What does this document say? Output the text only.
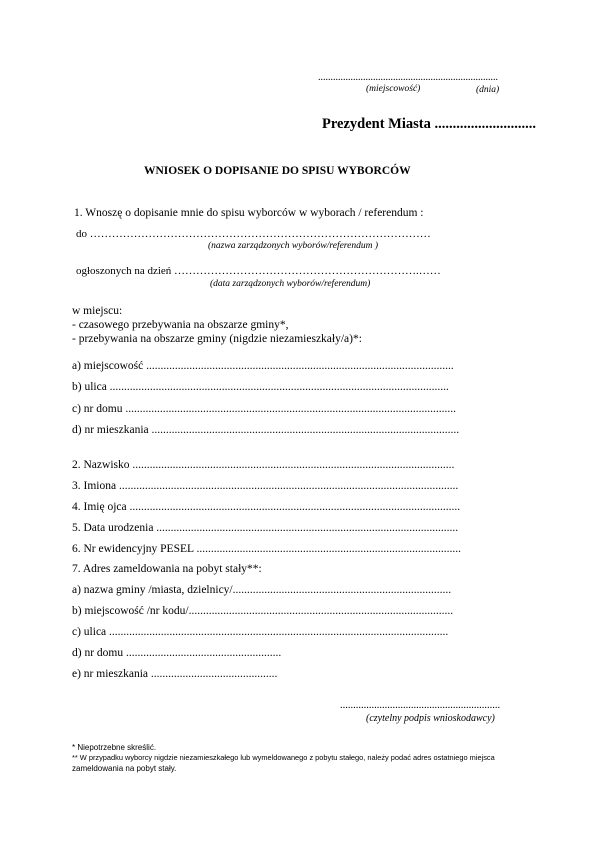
........................................................................
(miejscowość)	(dnia)
Prezydent Miasta ............................
WNIOSEK O DOPISANIE DO SPISU WYBORCÓW
1. Wnoszę o dopisanie mnie do spisu wyborców w wyborach / referendum :
do …………………………………………………………………………………
(nazwa zarządzonych wyborów/referendum )
ogłoszonych na dzień ………………………………………………………….……
(data zarządzonych wyborów/referendum)
w miejscu:
- czasowego przebywania na obszarze gminy*,
- przebywania na obszarze gminy (nigdzie niezamieszkały/a)*:
a) miejscowość ...........................................................................................................
b) ulica ......................................................................................................................
c) nr domu ...................................................................................................................
d) nr mieszkania ...........................................................................................................
2. Nazwisko ................................................................................................................
3. Imiona ......................................................................................................................
4. Imię ojca ...................................................................................................................
5. Data urodzenia .........................................................................................................
6. Nr ewidencyjny PESEL ............................................................................................
7. Adres zameldowania na pobyt stały**:
a) nazwa gminy /miasta, dzielnicy/............................................................................
b) miejscowość /nr kodu/............................................................................................
c) ulica ......................................................................................................................
d) nr domu ......................................................
e) nr mieszkania ............................................
.............................................................
(czytelny podpis wnioskodawcy)
* Niepotrzebne skreślić.
** W przypadku wyborcy nigdzie niezamieszkałego lub wymeldowanego z pobytu stałego, należy podać adres ostatniego miejsca
zameldowania na pobyt stały.
